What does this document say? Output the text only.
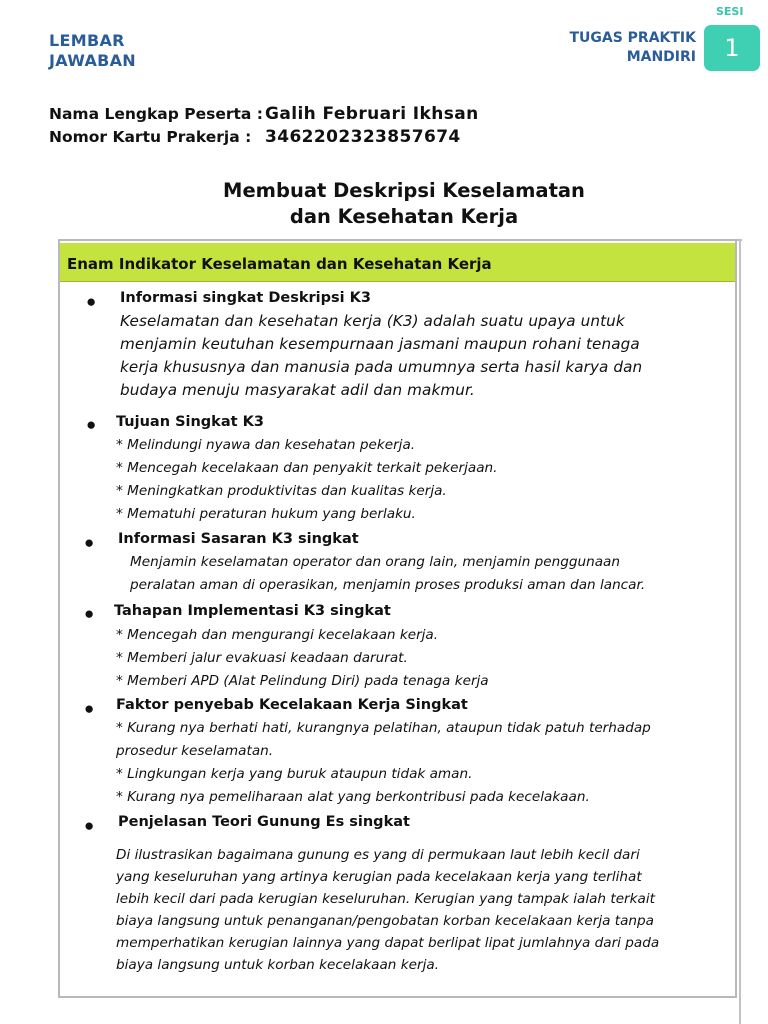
LEMBAR
JAWABAN
SESI
TUGAS PRAKTIK
MANDIRI	1
Nama Lengkap Peserta : Galih Februari Ikhsan
Nomor Kartu Prakerja : 3462202323857674
Membuat Deskripsi Keselamatan
dan Kesehatan Kerja
Enam Indikator Keselamatan dan Kesehatan Kerja
● Informasi singkat Deskripsi K3
Keselamatan dan kesehatan kerja (K3) adalah suatu upaya untuk
menjamin keutuhan kesempurnaan jasmani maupun rohani tenaga
kerja khususnya dan manusia pada umumnya serta hasil karya dan
budaya menuju masyarakat adil dan makmur.
● Tujuan Singkat K3
* Melindungi nyawa dan kesehatan pekerja.
* Mencegah kecelakaan dan penyakit terkait pekerjaan.
* Meningkatkan produktivitas dan kualitas kerja.
* Mematuhi peraturan hukum yang berlaku.
● Informasi Sasaran K3 singkat
Menjamin keselamatan operator dan orang lain, menjamin penggunaan
peralatan aman di operasikan, menjamin proses produksi aman dan lancar.
● Tahapan Implementasi K3 singkat
* Mencegah dan mengurangi kecelakaan kerja.
* Memberi jalur evakuasi keadaan darurat.
* Memberi APD (Alat Pelindung Diri) pada tenaga kerja
● Faktor penyebab Kecelakaan Kerja Singkat
* Kurang nya berhati hati, kurangnya pelatihan, ataupun tidak patuh terhadap
prosedur keselamatan.
* Lingkungan kerja yang buruk ataupun tidak aman.
* Kurang nya pemeliharaan alat yang berkontribusi pada kecelakaan.
● Penjelasan Teori Gunung Es singkat
Di ilustrasikan bagaimana gunung es yang di permukaan laut lebih kecil dari
yang keseluruhan yang artinya kerugian pada kecelakaan kerja yang terlihat
lebih kecil dari pada kerugian keseluruhan. Kerugian yang tampak ialah terkait
biaya langsung untuk penanganan/pengobatan korban kecelakaan kerja tanpa
memperhatikan kerugian lainnya yang dapat berlipat lipat jumlahnya dari pada
biaya langsung untuk korban kecelakaan kerja.
